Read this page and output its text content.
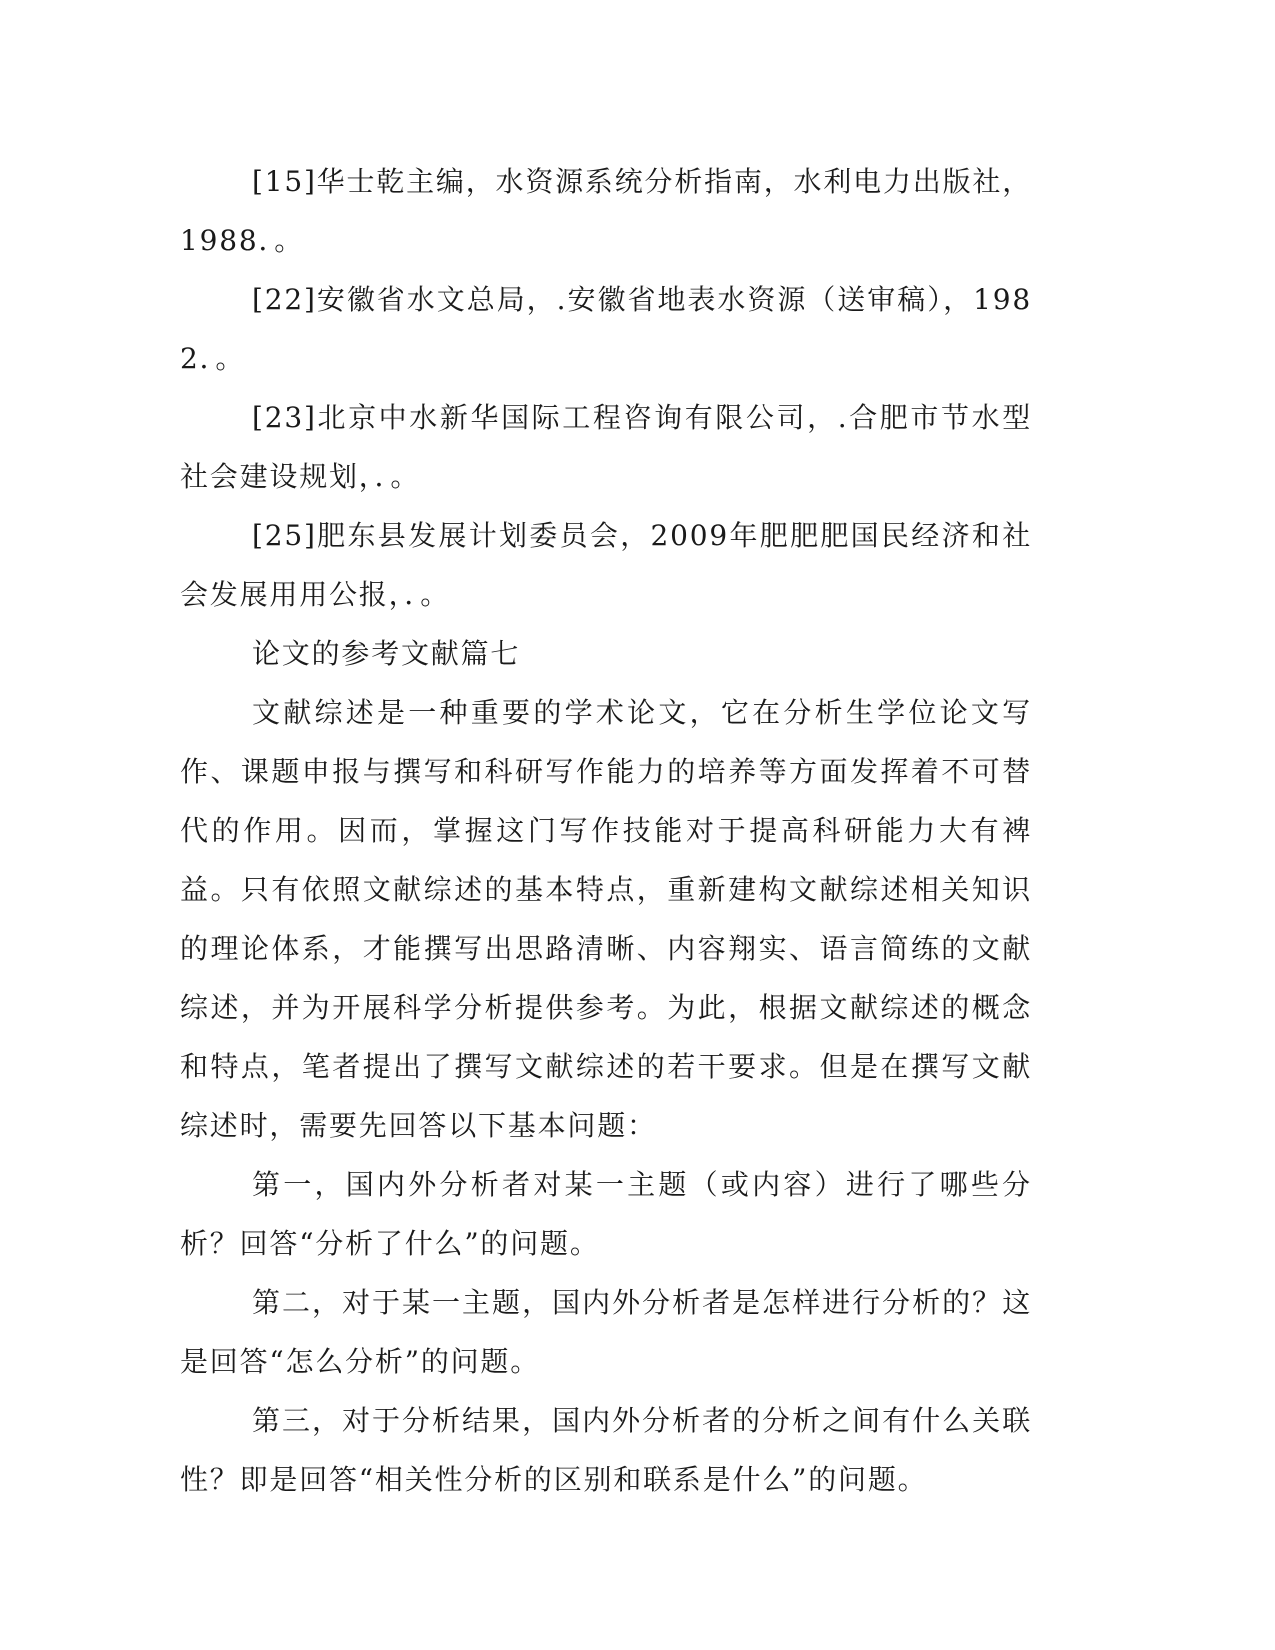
[15]华士乾主编，水资源系统分析指南，水利电力出版社，1988．。

[22]安徽省水文总局，.安徽省地表水资源（送审稿），1982．。

[23]北京中水新华国际工程咨询有限公司，.合肥市节水型社会建设规划，．。

[25]肥东县发展计划委员会，2009年肥肥肥国民经济和社会发展用用公报，．。

论文的参考文献篇七

文献综述是一种重要的学术论文，它在分析生学位论文写作、课题申报与撰写和科研写作能力的培养等方面发挥着不可替代的作用。因而，掌握这门写作技能对于提高科研能力大有裨益。只有依照文献综述的基本特点，重新建构文献综述相关知识的理论体系，才能撰写出思路清晰、内容翔实、语言简练的文献综述，并为开展科学分析提供参考。为此，根据文献综述的概念和特点，笔者提出了撰写文献综述的若干要求。但是在撰写文献综述时，需要先回答以下基本问题：

第一，国内外分析者对某一主题（或内容）进行了哪些分析？回答“分析了什么”的问题。

第二，对于某一主题，国内外分析者是怎样进行分析的？这是回答“怎么分析”的问题。

第三，对于分析结果，国内外分析者的分析之间有什么关联性？即是回答“相关性分析的区别和联系是什么”的问题。
